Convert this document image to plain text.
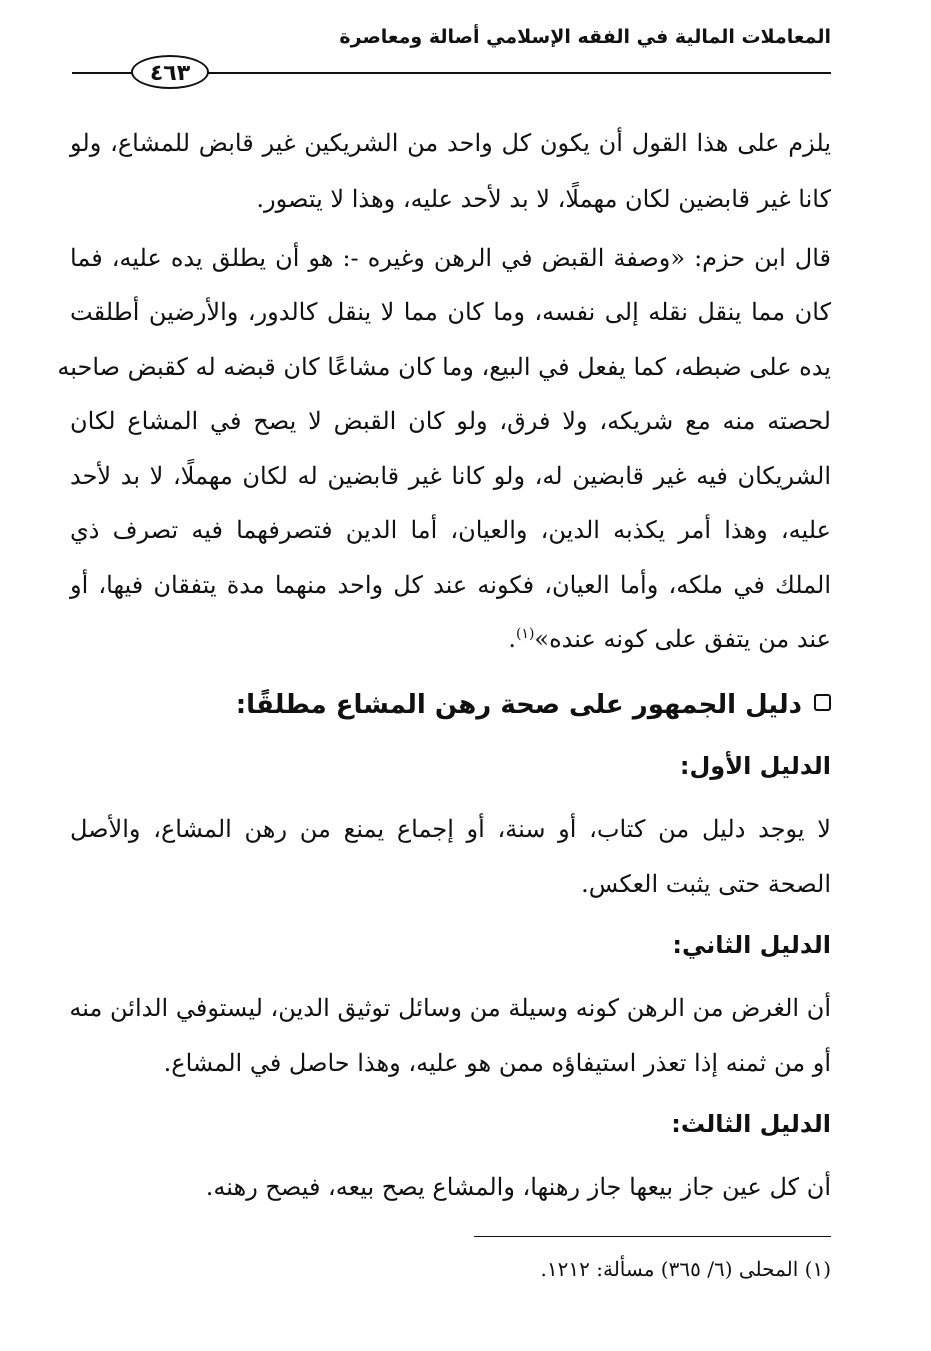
المعاملات المالية في الفقه الإسلامي أصالة ومعاصرة
٤٦٣
يلزم على هذا القول أن يكون كل واحد من الشريكين غير قابض للمشاع، ولو
كانا غير قابضين لكان مهملًا، لا بد لأحد عليه، وهذا لا يتصور.
قال ابن حزم: «وصفة القبض في الرهن وغيره -: هو أن يطلق يده عليه، فما
كان مما ينقل نقله إلى نفسه، وما كان مما لا ينقل كالدور، والأرضين أطلقت
يده على ضبطه، كما يفعل في البيع، وما كان مشاعًا كان قبضه له كقبض صاحبه
لحصته منه مع شريكه، ولا فرق، ولو كان القبض لا يصح في المشاع لكان
الشريكان فيه غير قابضين له، ولو كانا غير قابضين له لكان مهملًا، لا بد لأحد
عليه، وهذا أمر يكذبه الدين، والعيان، أما الدين فتصرفهما فيه تصرف ذي
الملك في ملكه، وأما العيان، فكونه عند كل واحد منهما مدة يتفقان فيها، أو
عند من يتفق على كونه عنده»$^{(١)}$.
دليل الجمهور على صحة رهن المشاع مطلقًا:
الدليل الأول:
لا يوجد دليل من كتاب، أو سنة، أو إجماع يمنع من رهن المشاع، والأصل
الصحة حتى يثبت العكس.
الدليل الثاني:
أن الغرض من الرهن كونه وسيلة من وسائل توثيق الدين، ليستوفي الدائن منه
أو من ثمنه إذا تعذر استيفاؤه ممن هو عليه، وهذا حاصل في المشاع.
الدليل الثالث:
أن كل عين جاز بيعها جاز رهنها، والمشاع يصح بيعه، فيصح رهنه.
(١) المحلى (٦/ ٣٦٥) مسألة: ١٢١٢.
